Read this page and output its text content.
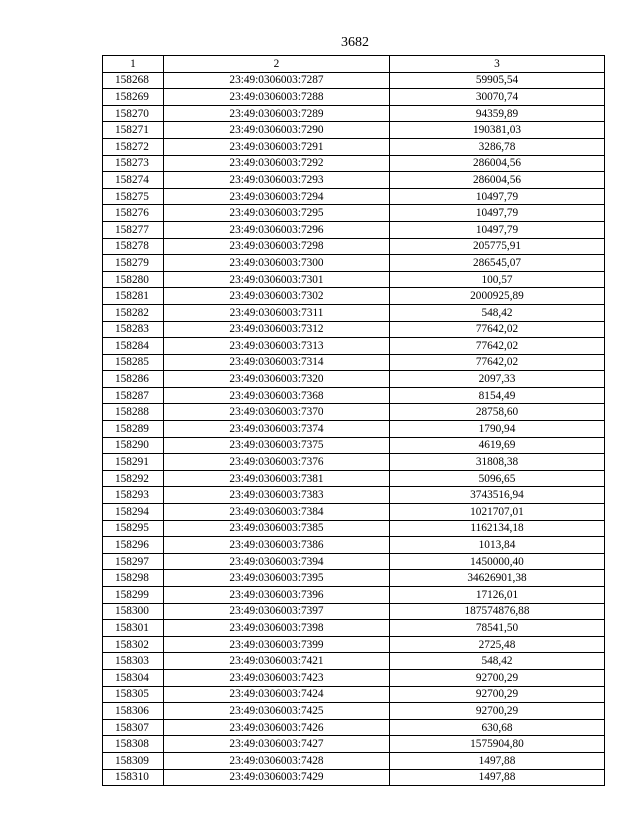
3682
1	2	3
158268	23:49:0306003:7287	59905,54
158269	23:49:0306003:7288	30070,74
158270	23:49:0306003:7289	94359,89
158271	23:49:0306003:7290	190381,03
158272	23:49:0306003:7291	3286,78
158273	23:49:0306003:7292	286004,56
158274	23:49:0306003:7293	286004,56
158275	23:49:0306003:7294	10497,79
158276	23:49:0306003:7295	10497,79
158277	23:49:0306003:7296	10497,79
158278	23:49:0306003:7298	205775,91
158279	23:49:0306003:7300	286545,07
158280	23:49:0306003:7301	100,57
158281	23:49:0306003:7302	2000925,89
158282	23:49:0306003:7311	548,42
158283	23:49:0306003:7312	77642,02
158284	23:49:0306003:7313	77642,02
158285	23:49:0306003:7314	77642,02
158286	23:49:0306003:7320	2097,33
158287	23:49:0306003:7368	8154,49
158288	23:49:0306003:7370	28758,60
158289	23:49:0306003:7374	1790,94
158290	23:49:0306003:7375	4619,69
158291	23:49:0306003:7376	31808,38
158292	23:49:0306003:7381	5096,65
158293	23:49:0306003:7383	3743516,94
158294	23:49:0306003:7384	1021707,01
158295	23:49:0306003:7385	1162134,18
158296	23:49:0306003:7386	1013,84
158297	23:49:0306003:7394	1450000,40
158298	23:49:0306003:7395	34626901,38
158299	23:49:0306003:7396	17126,01
158300	23:49:0306003:7397	187574876,88
158301	23:49:0306003:7398	78541,50
158302	23:49:0306003:7399	2725,48
158303	23:49:0306003:7421	548,42
158304	23:49:0306003:7423	92700,29
158305	23:49:0306003:7424	92700,29
158306	23:49:0306003:7425	92700,29
158307	23:49:0306003:7426	630,68
158308	23:49:0306003:7427	1575904,80
158309	23:49:0306003:7428	1497,88
158310	23:49:0306003:7429	1497,88
